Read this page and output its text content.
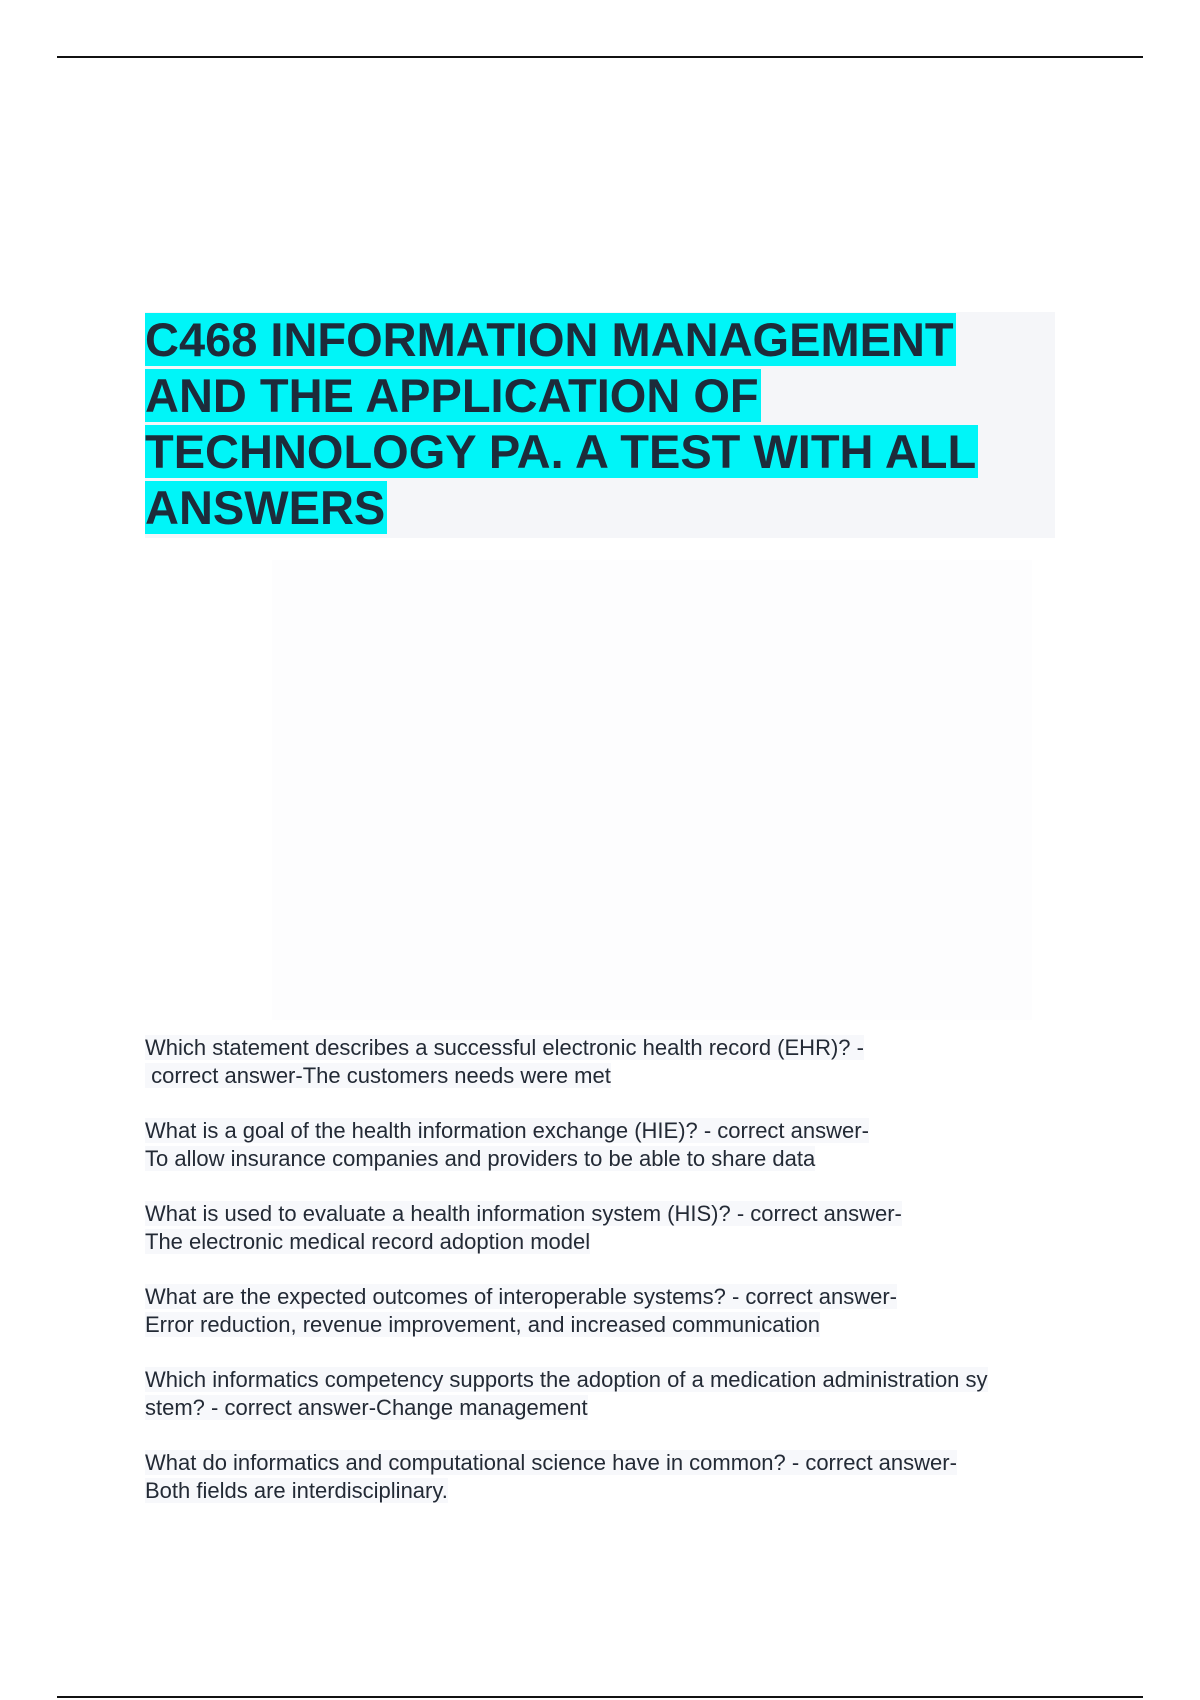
C468 INFORMATION MANAGEMENT
AND THE APPLICATION OF
TECHNOLOGY PA. A TEST WITH ALL
ANSWERS
Which statement describes a successful electronic health record (EHR)? -
correct answer-The customers needs were met
What is a goal of the health information exchange (HIE)? - correct answer-
To allow insurance companies and providers to be able to share data
What is used to evaluate a health information system (HIS)? - correct answer-
The electronic medical record adoption model
What are the expected outcomes of interoperable systems? - correct answer-
Error reduction, revenue improvement, and increased communication
Which informatics competency supports the adoption of a medication administration sy
stem? - correct answer-Change management
What do informatics and computational science have in common? - correct answer-
Both fields are interdisciplinary.
